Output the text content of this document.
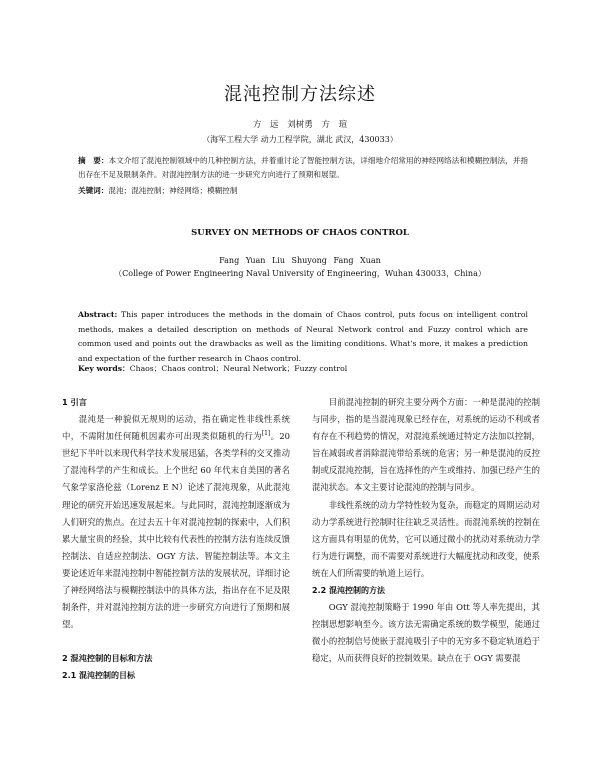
混沌控制方法综述
方 远 刘树勇 方 瑄
（海军工程大学 动力工程学院，湖北 武汉，430033）
摘　要：本文介绍了混沌控制领域中的几种控制方法，并着重讨论了智能控制方法，详细地介绍常用的神经网络法和模糊控制法，并指出存在不足及限制条件。对混沌控制方法的进一步研究方向进行了预期和展望。
关键词：混沌；混沌控制；神经网络；模糊控制
SURVEY ON METHODS OF CHAOS CONTROL
Fang Yuan Liu Shuyong Fang Xuan
（College of Power Engineering Naval University of Engineering，Wuhan 430033，China）
Abstract: This paper introduces the methods in the domain of Chaos control, puts focus on intelligent control methods, makes a detailed description on methods of Neural Network control and Fuzzy control which are common used and points out the drawbacks as well as the limiting conditions. What's more, it makes a prediction and expectation of the further research in Chaos control.
Key words：Chaos；Chaos control；Neural Network；Fuzzy control

1 引言

混沌是一种貌似无规则的运动，指在确定性非线性系统中，不需附加任何随机因素亦可出现类似随机的行为[1]。20 世纪下半叶以来现代科学技术发展迅猛，各类学科的交叉推动了混沌科学的产生和成长。上个世纪 60 年代末自美国的著名气象学家洛伦兹（Lorenz E N）论述了混沌现象，从此混沌理论的研究开始迅速发展起来。与此同时，混沌控制逐渐成为人们研究的焦点。在过去五十年对混沌控制的探索中，人们积累大量宝贵的经验，其中比较有代表性的控制方法有连续反馈控制法、自适应控制法、OGY 方法、智能控制法等。本文主要论述近年来混沌控制中智能控制方法的发展状况，详细讨论了神经网络法与模糊控制法中的具体方法，指出存在不足及限制条件，并对混沌控制方法的进一步研究方向进行了预期和展望。

2 混沌控制的目标和方法

2.1 混沌控制的目标

目前混沌控制的研究主要分两个方面：一种是混沌的控制与同步，指的是当混沌现象已经存在，对系统的运动不利或者有存在不利趋势的情况，对混沌系统通过特定方法加以控制，旨在减弱或者消除混沌带给系统的危害；另一种是混沌的反控制或反混沌控制，旨在选择性的产生或维持、加强已经产生的混沌状态。本文主要讨论混沌的控制与同步。

非线性系统的动力学特性较为复杂，而稳定的周期运动对动力学系统进行控制时往往缺乏灵活性。而混沌系统的控制在这方面具有明显的优势，它可以通过微小的扰动对系统动力学行为进行调整，而不需要对系统进行大幅度扰动和改变，使系统在人们所需要的轨道上运行。

2.2 混沌控制的方法

OGY 混沌控制策略于 1990 年由 Ott 等人率先提出，其控制思想影响至今。该方法无需确定系统的数学模型，能通过微小的控制信号使嵌于混沌吸引子中的无穷多不稳定轨道趋于稳定，从而获得良好的控制效果。缺点在于 OGY 需要混
